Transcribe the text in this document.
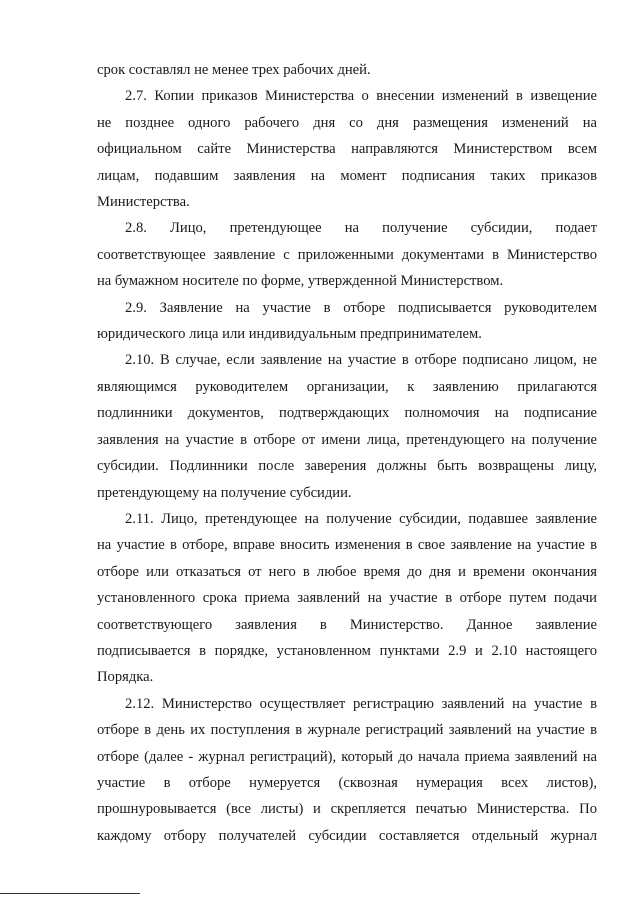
срок составлял не менее трех рабочих дней.
2.7. Копии приказов Министерства о внесении изменений в извещение
не позднее одного рабочего дня со дня размещения изменений на
официальном сайте Министерства направляются Министерством всем
лицам, подавшим заявления на момент подписания таких приказов
Министерства.
2.8. Лицо, претендующее на получение субсидии, подает
соответствующее заявление с приложенными документами в Министерство
на бумажном носителе по форме, утвержденной Министерством.
2.9. Заявление на участие в отборе подписывается руководителем
юридического лица или индивидуальным предпринимателем.
2.10. В случае, если заявление на участие в отборе подписано лицом, не
являющимся руководителем организации, к заявлению прилагаются
подлинники документов, подтверждающих полномочия на подписание
заявления на участие в отборе от имени лица, претендующего на получение
субсидии. Подлинники после заверения должны быть возвращены лицу,
претендующему на получение субсидии.
2.11. Лицо, претендующее на получение субсидии, подавшее заявление
на участие в отборе, вправе вносить изменения в свое заявление на участие в
отборе или отказаться от него в любое время до дня и времени окончания
установленного срока приема заявлений на участие в отборе путем подачи
соответствующего заявления в Министерство. Данное заявление
подписывается в порядке, установленном пунктами 2.9 и 2.10 настоящего
Порядка.
2.12. Министерство осуществляет регистрацию заявлений на участие в
отборе в день их поступления в журнале регистраций заявлений на участие в
отборе (далее - журнал регистраций), который до начала приема заявлений на
участие в отборе нумеруется (сквозная нумерация всех листов),
прошнуровывается (все листы) и скрепляется печатью Министерства. По
каждому отбору получателей субсидии составляется отдельный журнал
